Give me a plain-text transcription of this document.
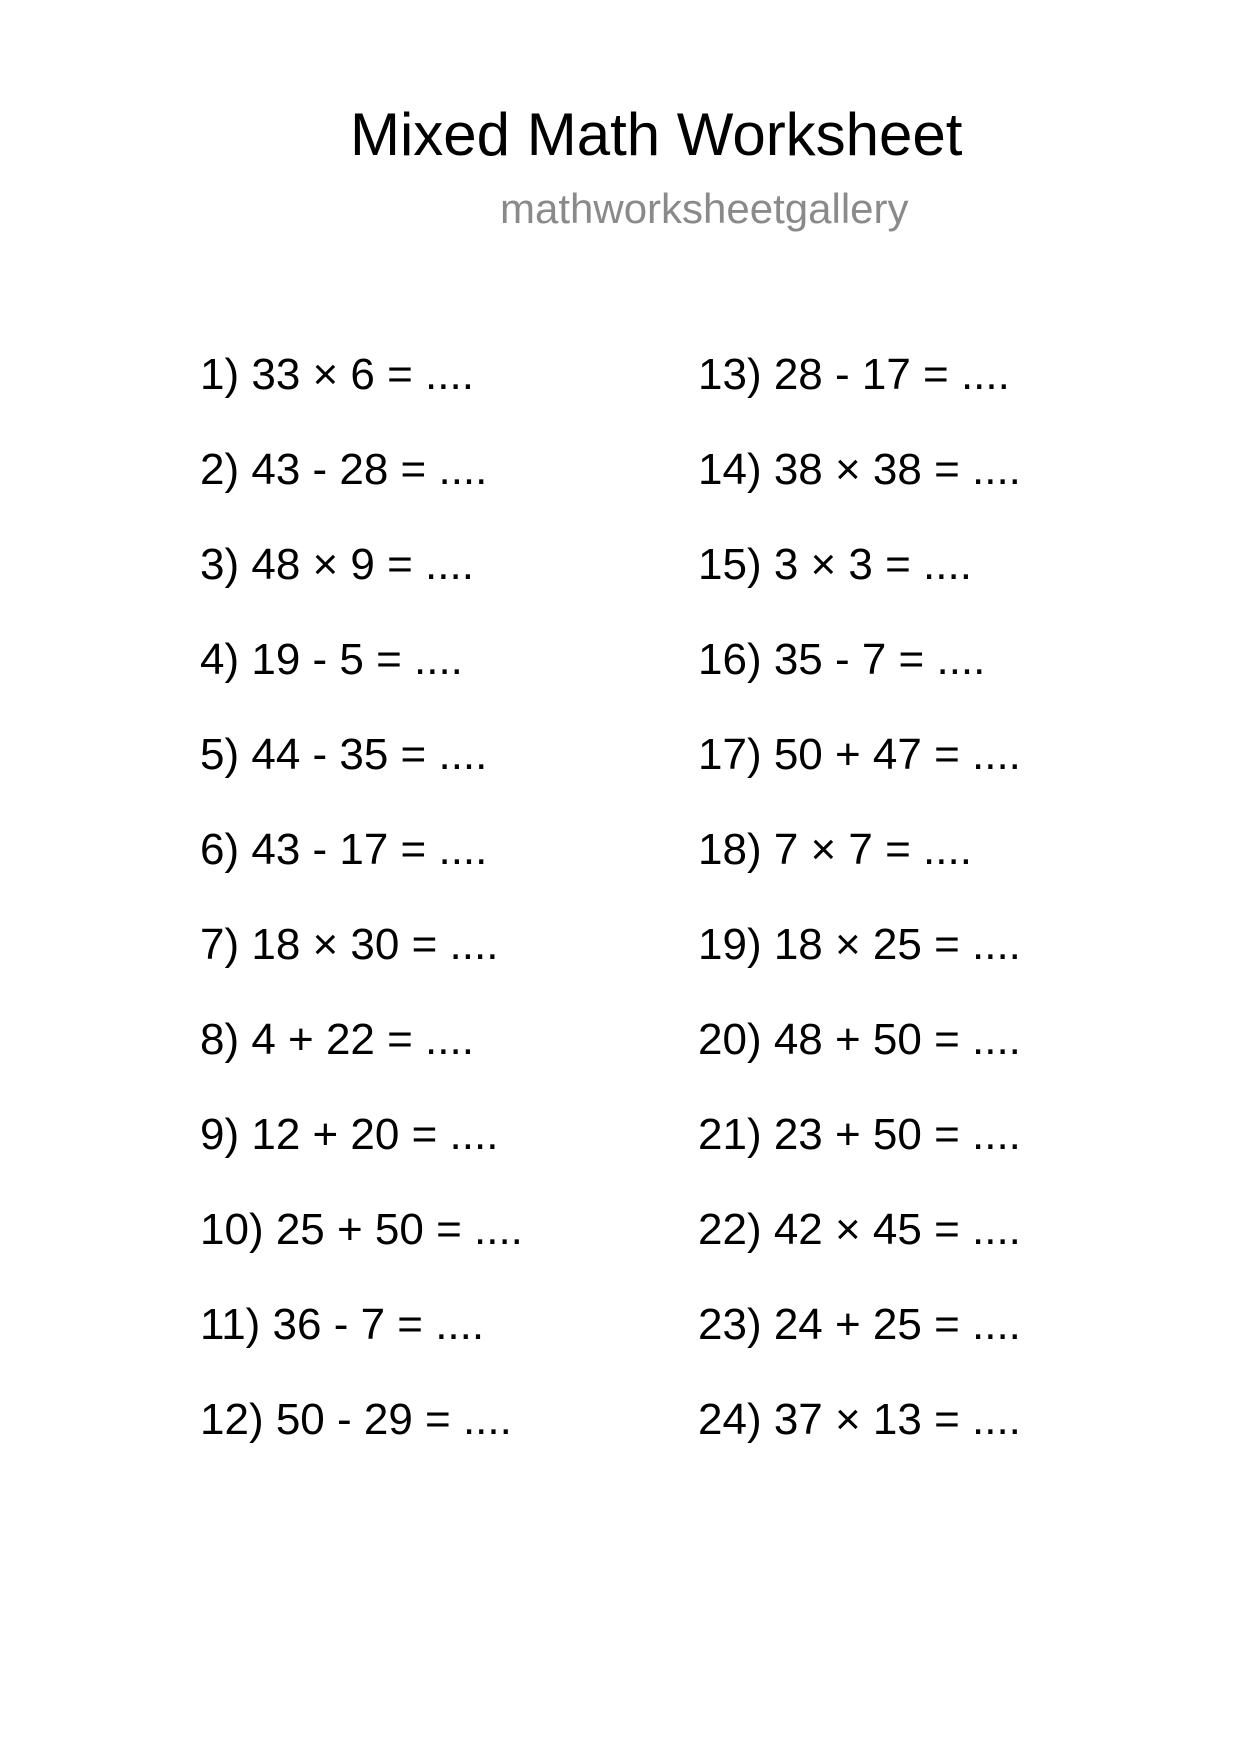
Mixed Math Worksheet
mathworksheetgallery
1) 33 × 6 = ....
2) 43 - 28 = ....
3) 48 × 9 = ....
4) 19 - 5 = ....
5) 44 - 35 = ....
6) 43 - 17 = ....
7) 18 × 30 = ....
8) 4 + 22 = ....
9) 12 + 20 = ....
10) 25 + 50 = ....
11) 36 - 7 = ....
12) 50 - 29 = ....
13) 28 - 17 = ....
14) 38 × 38 = ....
15) 3 × 3 = ....
16) 35 - 7 = ....
17) 50 + 47 = ....
18) 7 × 7 = ....
19) 18 × 25 = ....
20) 48 + 50 = ....
21) 23 + 50 = ....
22) 42 × 45 = ....
23) 24 + 25 = ....
24) 37 × 13 = ....
